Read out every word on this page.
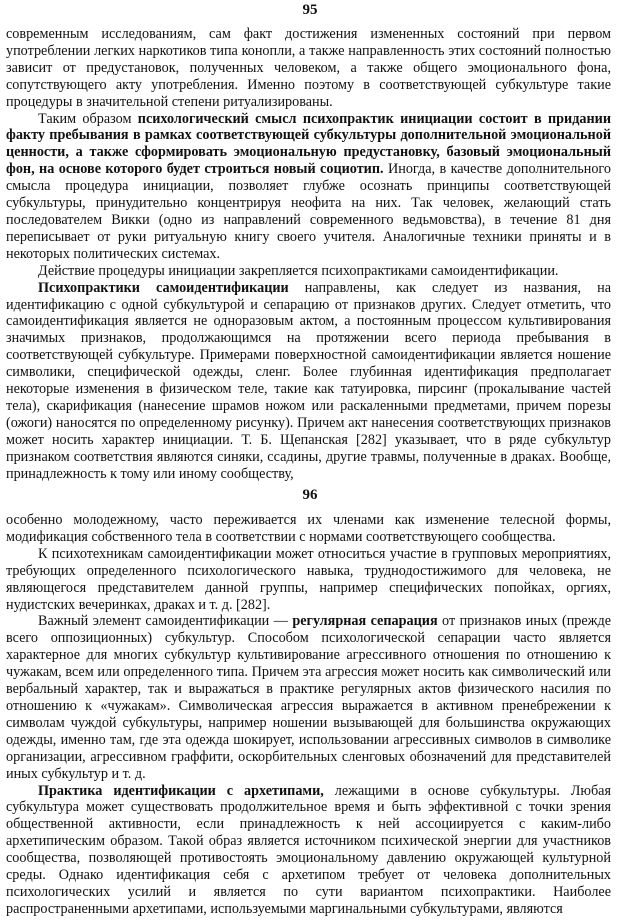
95

современным исследованиям, сам факт достижения измененных состояний при первом употреблении легких наркотиков типа конопли, а также направленность этих состояний полностью зависит от предустановок, полученных человеком, а также общего эмоционального фона, сопутствующего акту употребления. Именно поэтому в соответствующей субкультуре такие процедуры в значительной степени ритуализированы.

Таким образом психологический смысл психопрактик инициации состоит в придании факту пребывания в рамках соответствующей субкультуры дополнительной эмоциональной ценности, а также сформировать эмоциональную предустановку, базовый эмоциональный фон, на основе которого будет строиться новый социотип. Иногда, в качестве дополнительного смысла процедура инициации, позволяет глубже осознать принципы соответствующей субкультуры, принудительно концентрируя неофита на них. Так человек, желающий стать последователем Викки (одно из направлений современного ведьмовства), в течение 81 дня переписывает от руки ритуальную книгу своего учителя. Аналогичные техники приняты и в некоторых политических системах.

Действие процедуры инициации закрепляется психопрактиками самоидентификации.

Психопрактики самоидентификации направлены, как следует из названия, на идентификацию с одной субкультурой и сепарацию от признаков других. Следует отметить, что самоидентификация является не одноразовым актом, а постоянным процессом культивирования значимых признаков, продолжающимся на протяжении всего периода пребывания в соответствующей субкультуре. Примерами поверхностной самоидентификации является ношение символики, специфической одежды, сленг. Более глубинная идентификация предполагает некоторые изменения в физическом теле, такие как татуировка, пирсинг (прокалывание частей тела), скарификация (нанесение шрамов ножом или раскаленными предметами, причем порезы (ожоги) наносятся по определенному рисунку). Причем акт нанесения соответствующих признаков может носить характер инициации. Т. Б. Щепанская [282] указывает, что в ряде субкультур признаком соответствия являются синяки, ссадины, другие травмы, полученные в драках. Вообще, принадлежность к тому или иному сообществу,

96

особенно молодежному, часто переживается их членами как изменение телесной формы, модификация собственного тела в соответствии с нормами соответствующего сообщества.

К психотехникам самоидентификации может относиться участие в групповых мероприятиях, требующих определенного психологического навыка, труднодостижимого для человека, не являющегося представителем данной группы, например специфических попойках, оргиях, нудистских вечеринках, драках и т. д. [282].

Важный элемент самоидентификации — регулярная сепарация от признаков иных (прежде всего оппозиционных) субкультур. Способом психологической сепарации часто является характерное для многих субкультур культивирование агрессивного отношения по отношению к чужакам, всем или определенного типа. Причем эта агрессия может носить как символический или вербальный характер, так и выражаться в практике регулярных актов физического насилия по отношению к «чужакам». Символическая агрессия выражается в активном пренебрежении к символам чуждой субкультуры, например ношении вызывающей для большинства окружающих одежды, именно там, где эта одежда шокирует, использовании агрессивных символов в символике организации, агрессивном граффити, оскорбительных сленговых обозначений для представителей иных субкультур и т. д.

Практика идентификации с архетипами, лежащими в основе субкультуры. Любая субкультура может существовать продолжительное время и быть эффективной с точки зрения общественной активности, если принадлежность к ней ассоциируется с каким-либо архетипическим образом. Такой образ является источником психической энергии для участников сообщества, позволяющей противостоять эмоциональному давлению окружающей культурной среды. Однако идентификация себя с архетипом требует от человека дополнительных психологических усилий и является по сути вариантом психопрактики. Наиболее распространенными архетипами, используемыми маргинальными субкультурами, являются
